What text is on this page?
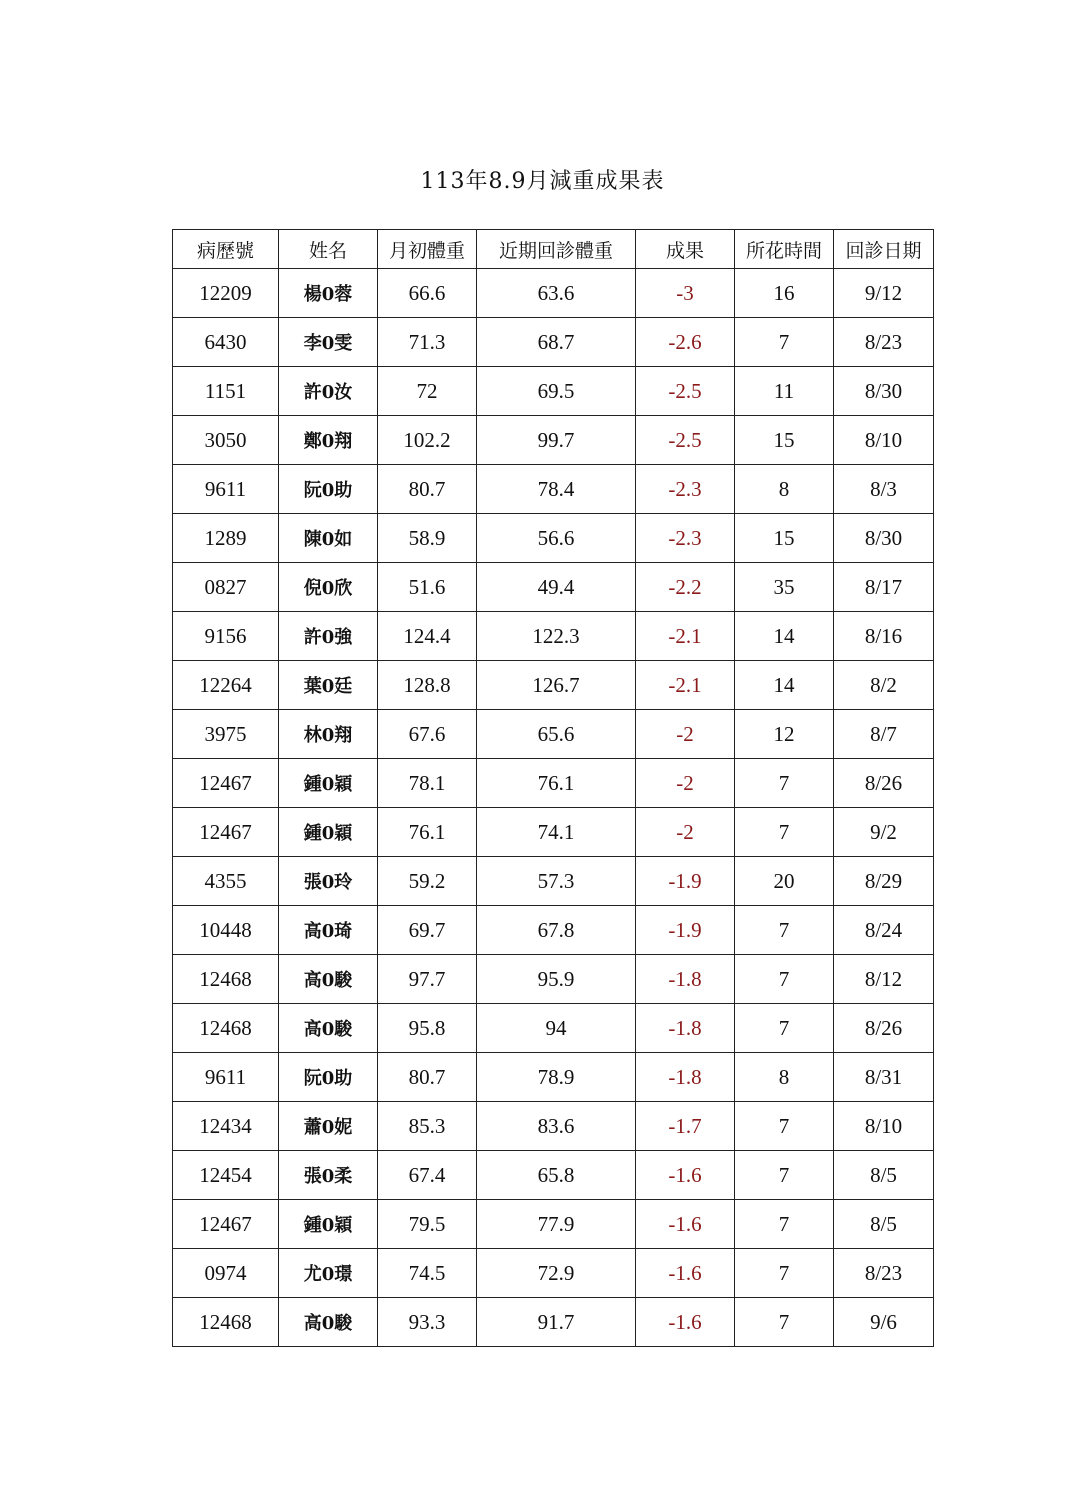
113年8.9月減重成果表
病歷號	姓名	月初體重	近期回診體重	成果	所花時間	回診日期
12209	楊0蓉	66.6	63.6	-3	16	9/12
6430	李0雯	71.3	68.7	-2.6	7	8/23
1151	許0汝	72	69.5	-2.5	11	8/30
3050	鄭0翔	102.2	99.7	-2.5	15	8/10
9611	阮0助	80.7	78.4	-2.3	8	8/3
1289	陳0如	58.9	56.6	-2.3	15	8/30
0827	倪0欣	51.6	49.4	-2.2	35	8/17
9156	許0強	124.4	122.3	-2.1	14	8/16
12264	葉0廷	128.8	126.7	-2.1	14	8/2
3975	林0翔	67.6	65.6	-2	12	8/7
12467	鍾0穎	78.1	76.1	-2	7	8/26
12467	鍾0穎	76.1	74.1	-2	7	9/2
4355	張0玲	59.2	57.3	-1.9	20	8/29
10448	高0琦	69.7	67.8	-1.9	7	8/24
12468	高0駿	97.7	95.9	-1.8	7	8/12
12468	高0駿	95.8	94	-1.8	7	8/26
9611	阮0助	80.7	78.9	-1.8	8	8/31
12434	蕭0妮	85.3	83.6	-1.7	7	8/10
12454	張0柔	67.4	65.8	-1.6	7	8/5
12467	鍾0穎	79.5	77.9	-1.6	7	8/5
0974	尤0璟	74.5	72.9	-1.6	7	8/23
12468	高0駿	93.3	91.7	-1.6	7	9/6
